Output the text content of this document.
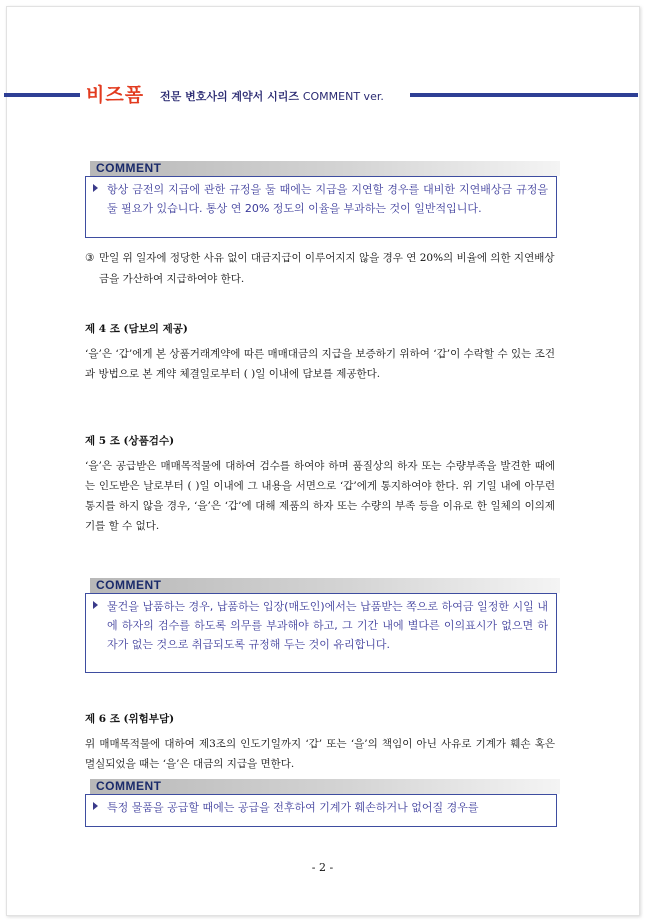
비즈폼 전문 변호사의 계약서 시리즈 COMMENT ver.
COMMENT
항상 금전의 지급에 관한 규정을 둘 때에는 지급을 지연할 경우를 대비한 지연배상금 규정을 둘 필요가 있습니다. 통상 연 20% 정도의 이율을 부과하는 것이 일반적입니다.
③ 만일 위 일자에 정당한 사유 없이 대금지급이 이루어지지 않을 경우 연 20%의 비율에 의한 지연배상금을 가산하여 지급하여야 한다.
제 4 조 (담보의 제공)
‘을’은 ‘갑’에게 본 상품거래계약에 따른 매매대금의 지급을 보증하기 위하여 ‘갑’이 수락할 수 있는 조건과 방법으로 본 계약 체결일로부터 ( )일 이내에 담보를 제공한다.
제 5 조 (상품검수)
‘을’은 공급받은 매매목적물에 대하여 검수를 하여야 하며 품질상의 하자 또는 수량부족을 발견한 때에는 인도받은 날로부터 ( )일 이내에 그 내용을 서면으로 ‘갑’에게 통지하여야 한다. 위 기일 내에 아무런 통지를 하지 않을 경우, ‘을’은 ‘갑’에 대해 제품의 하자 또는 수량의 부족 등을 이유로 한 일체의 이의제기를 할 수 없다.
COMMENT
물건을 납품하는 경우, 납품하는 입장(매도인)에서는 납품받는 쪽으로 하여금 일정한 시일 내에 하자의 검수를 하도록 의무를 부과해야 하고, 그 기간 내에 별다른 이의표시가 없으면 하자가 없는 것으로 취급되도록 규정해 두는 것이 유리합니다.
제 6 조 (위험부담)
위 매매목적물에 대하여 제3조의 인도기일까지 ‘갑’ 또는 ‘을’의 책임이 아닌 사유로 기계가 훼손 혹은 멸실되었을 때는 ‘을’은 대금의 지급을 면한다.
COMMENT
특정 물품을 공급할 때에는 공급을 전후하여 기계가 훼손하거나 없어질 경우를
- 2 -
